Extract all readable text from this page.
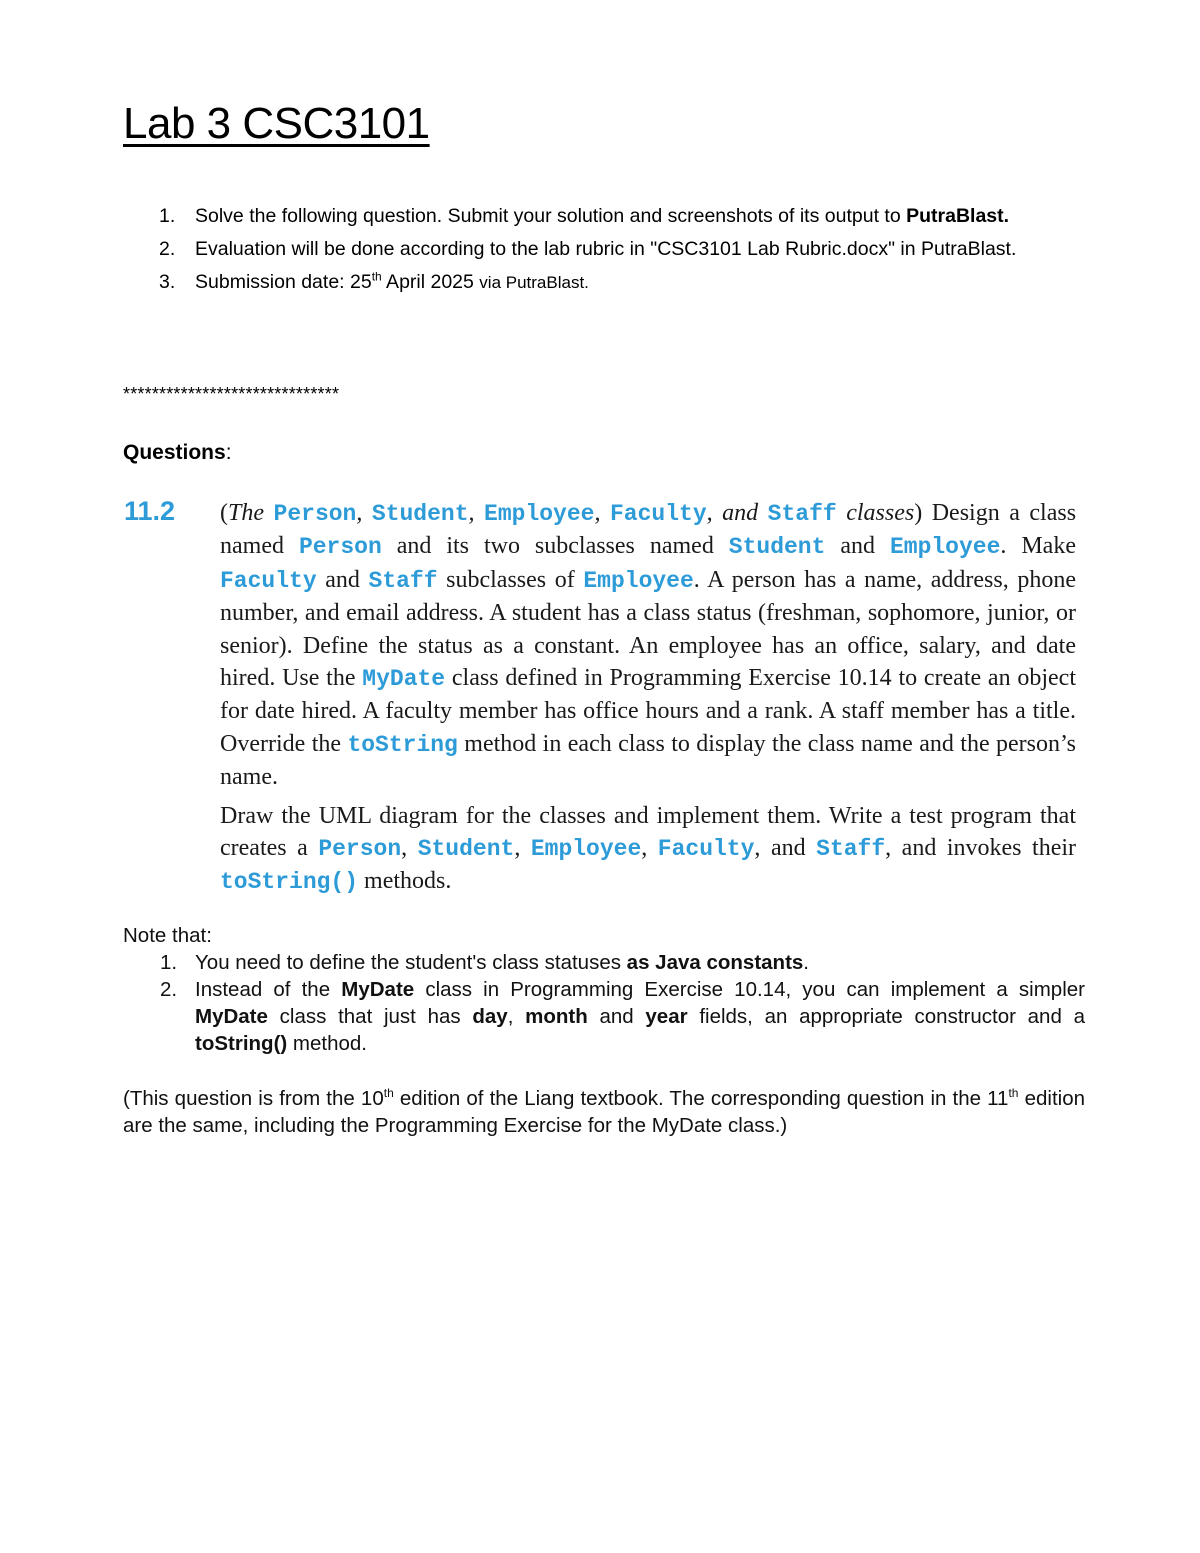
Lab 3 CSC3101
1. Solve the following question. Submit your solution and screenshots of its output to PutraBlast.
2. Evaluation will be done according to the lab rubric in "CSC3101 Lab Rubric.docx" in PutraBlast.
3. Submission date: 25th April 2025 via PutraBlast.
******************************
Questions:
11.2 (The Person, Student, Employee, Faculty, and Staff classes) Design a class named Person and its two subclasses named Student and Employee. Make Faculty and Staff subclasses of Employee. A person has a name, address, phone number, and email address. A student has a class status (freshman, sophomore, junior, or senior). Define the status as a constant. An employee has an office, salary, and date hired. Use the MyDate class defined in Programming Exercise 10.14 to create an object for date hired. A faculty member has office hours and a rank. A staff member has a title. Override the toString method in each class to display the class name and the person’s name.

Draw the UML diagram for the classes and implement them. Write a test program that creates a Person, Student, Employee, Faculty, and Staff, and invokes their toString() methods.

Note that:
1. You need to define the student's class statuses as Java constants.
2. Instead of the MyDate class in Programming Exercise 10.14, you can implement a simpler MyDate class that just has day, month and year fields, an appropriate constructor and a toString() method.
(This question is from the 10th edition of the Liang textbook. The corresponding question in the 11th edition are the same, including the Programming Exercise for the MyDate class.)
